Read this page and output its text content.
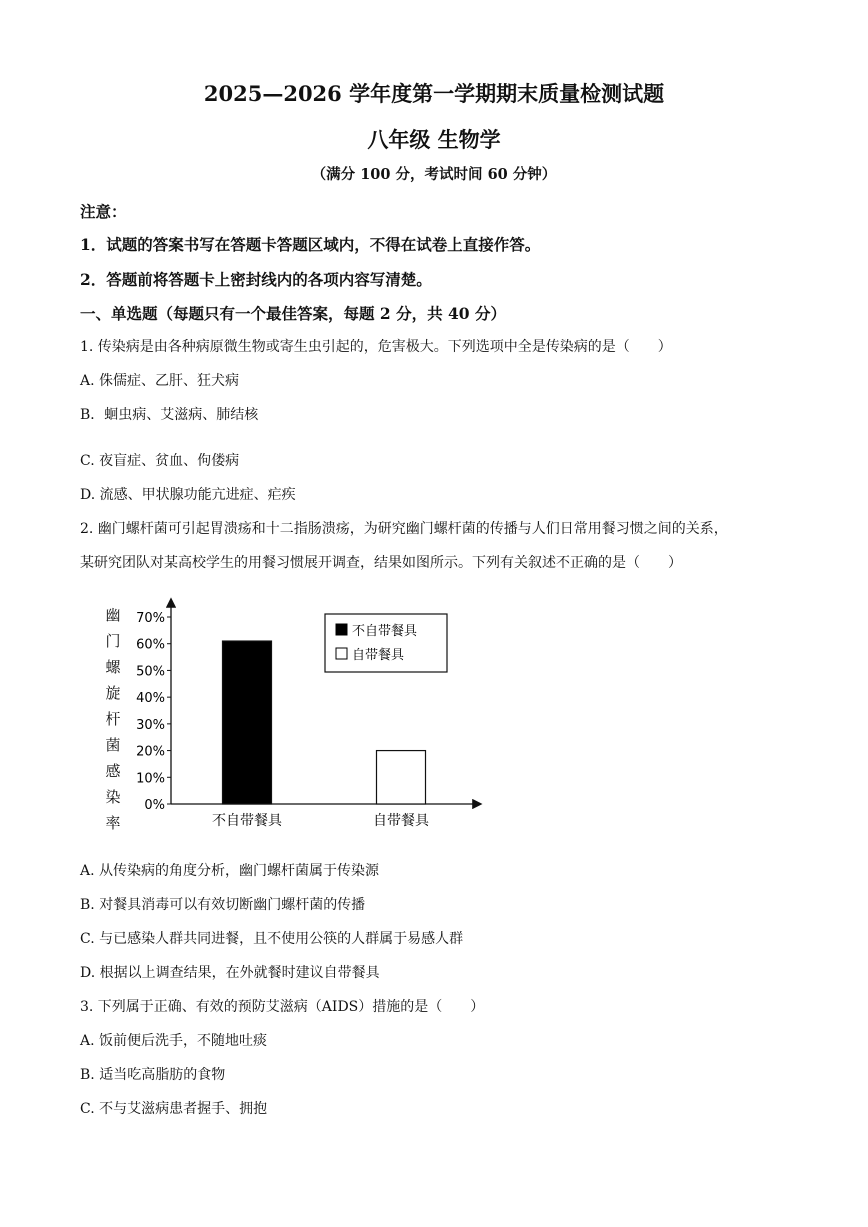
2025—2026 学年度第一学期期末质量检测试题
八年级 生物学
（满分 100 分，考试时间 60 分钟）
注意：
1．试题的答案书写在答题卡答题区域内，不得在试卷上直接作答。
2．答题前将答题卡上密封线内的各项内容写清楚。
一、单选题（每题只有一个最佳答案，每题 2 分，共 40 分）
1. 传染病是由各种病原微生物或寄生虫引起的，危害极大。下列选项中全是传染病的是（　　）
A. 侏儒症、乙肝、狂犬病
B．蛔虫病、艾滋病、肺结核
C. 夜盲症、贫血、佝偻病
D. 流感、甲状腺功能亢进症、疟疾
2. 幽门螺杆菌可引起胃溃疡和十二指肠溃疡，为研究幽门螺杆菌的传播与人们日常用餐习惯之间的关系，
某研究团队对某高校学生的用餐习惯展开调查，结果如图所示。下列有关叙述不正确的是（　　）
幽 门 螺 旋 杆 菌 感 染 率
0%
10%
20%
30%
40%
50%
60%
70%
不自带餐具	自带餐具
不自带餐具
自带餐具
A. 从传染病的角度分析，幽门螺杆菌属于传染源
B. 对餐具消毒可以有效切断幽门螺杆菌的传播
C. 与已感染人群共同进餐，且不使用公筷的人群属于易感人群
D. 根据以上调查结果，在外就餐时建议自带餐具
3. 下列属于正确、有效的预防艾滋病（AIDS）措施的是（　　）
A. 饭前便后洗手，不随地吐痰
B. 适当吃高脂肪的食物
C. 不与艾滋病患者握手、拥抱
